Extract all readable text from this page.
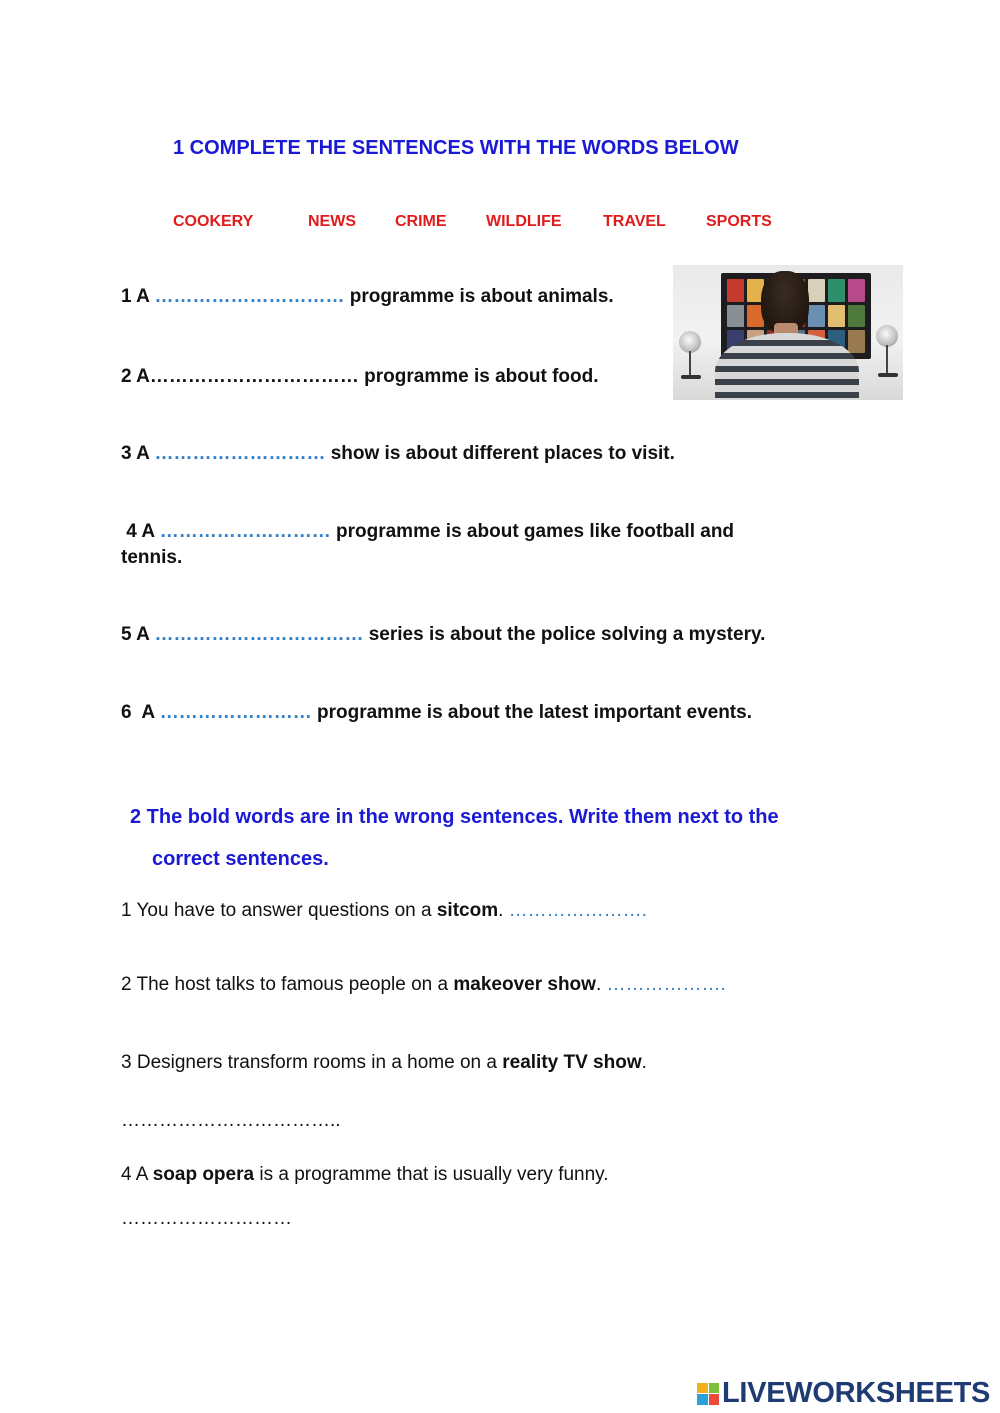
1 COMPLETE THE SENTENCES WITH THE WORDS BELOW
COOKERY	NEWS CRIME WILDLIFE	TRAVEL	SPORTS
1 A ………………………… programme is about animals.
2 A…………………………… programme is about food.
3 A ……………………… show is about different places to visit.
4 A ……………………… programme is about games like football and
tennis.
5 A …………………………… series is about the police solving a mystery.
6  A …………………… programme is about the latest important events.
2 The bold words are in the wrong sentences. Write them next to the
correct sentences.
1 You have to answer questions on a sitcom. ………………….
2 The host talks to famous people on a makeover show. ……………….
3 Designers transform rooms in a home on a reality TV show.
……………………………..
4 A soap opera is a programme that is usually very funny.
………………………
LIVEWORKSHEETS
